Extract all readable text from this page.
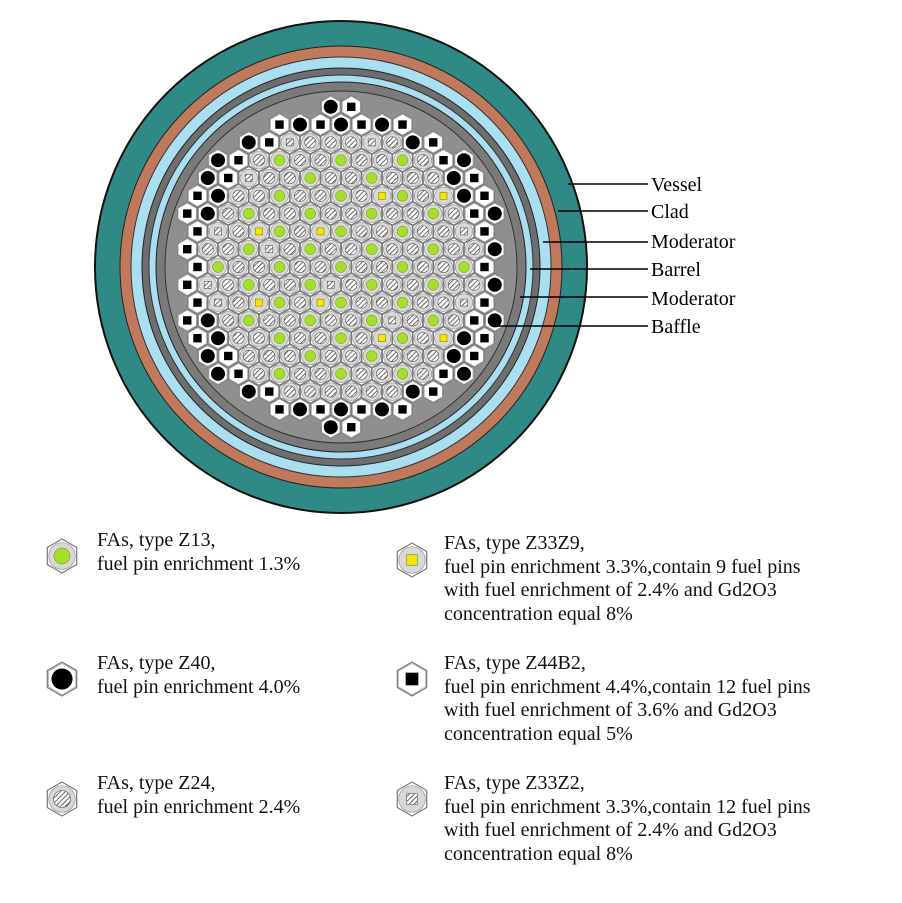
Vessel
Clad
Moderator
Barrel
Moderator
Baffle
FAs, type Z13,
fuel pin enrichment 1.3%
FAs, type Z33Z9,
fuel pin enrichment 3.3%,contain 9 fuel pins
with fuel enrichment of 2.4% and Gd2O3
concentration equal 8%
FAs, type Z40,
fuel pin enrichment 4.0%
FAs, type Z44B2,
fuel pin enrichment 4.4%,contain 12 fuel pins
with fuel enrichment of 3.6% and Gd2O3
concentration equal 5%
FAs, type Z24,
fuel pin enrichment 2.4%
FAs, type Z33Z2,
fuel pin enrichment 3.3%,contain 12 fuel pins
with fuel enrichment of 2.4% and Gd2O3
concentration equal 8%
